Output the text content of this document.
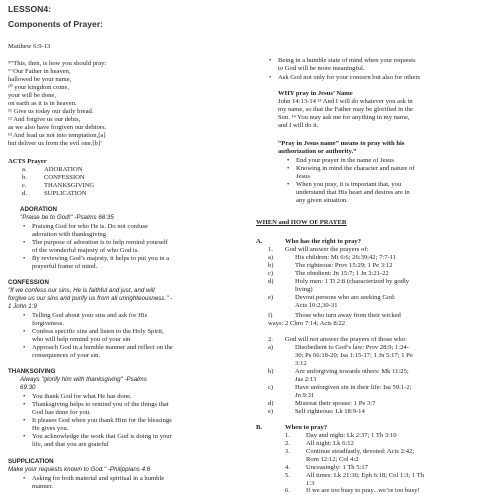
LESSON4:
Components of Prayer:
Matthew 6:9-13
⁹“This, then, is how you should pray:
“‘Our Father in heaven,
hallowed be your name,
¹⁰ your kingdom come,
your will be done,
on earth as it is in heaven.
¹¹ Give us today our daily bread.
¹² And forgive us our debts,
as we also have forgiven our debtors.
¹³ And lead us not into temptation,[a]
but deliver us from the evil one.[b]’
ACTS Prayer
a.	ADORATION
b.	CONFESSION
c.	THANKSGIVING
d.	SUPLICATION
ADORATION
"Praise be to God!" -Psalms 68:35
• Praising God for who He is. Do not confuse
adoration with thanksgiving
• The purpose of adoration is to help remind yourself
of the wonderful majesty of who God is.
• By reviewing God’s majesty, it helps to put you in a
prayerful frame of mind.
CONFESSION
"If we confess our sins, He is faithful and just, and will
forgive us our sins and purify us from all unrighteousness." -
1 John 1:9
• Telling God about your sins and ask for His
forgiveness.
• Confess specific sins and listen to the Holy Spirit,
who will help remind you of your sin
• Approach God in a humble manner and reflect on the
consequences of your sin.
THANKSGIVING
Always "glorify him with thanksgiving" -Psalms
69:30
• You thank God for what He has done.
• Thanksgiving helps to remind you of the things that
God has done for you.
• It pleases God when you thank Him for the blessings
He gives you.
• You acknowledge the work that God is doing in your
life, and that you are grateful
SUPPLICATION
Make your requests known to God." -Philippians 4:6
• Asking for both material and spiritual in a humble
manner.
• Being in a humble state of mind when your requests
to God will be more meaningful.
• Ask God not only for your concern but also for others
WHY pray in Jesus’ Name
John 14:13-14 ¹³ And I will do whatever you ask in
my name, so that the Father may be glorified in the
Son. ¹⁴ You may ask me for anything in my name,
and I will do it.
“Pray in Jesus name” means to pray with his
authorization or authority.”
• End your prayer in the name of Jesus
• Knowing in mind the character and nature of
Jesus
• When you pray, it is important that, you
understand that His heart and desires are in
any given situation.
WHEN and HOW OF PRAYER
A.	Who has the right to pray?
1. God will answer the prayers of:
a)	His children: Mt 6:6; 26:39;42; 7:7-11
b)	The righteous: Prov 15:29; 1 Pe 3:12
c)	The obedient: Jn 15:7; 1 Jn 3:21-22
d)	Holy men: 1 Ti 2:8 (characterized by godly
living)
e)	Devout persons who are seeking God:
Acts 10:2,30-31
f)	Those who turn away from their wicked
ways: 2 Chro 7:14; Acts 8:22
2. God will not answer the prayers of those who:
a)	Disobedient to God’s law: Prov 28:9; 1:24-
30; Ps 66:18-20; Isa 1:15-17; 1 Jn 5:17; 1 Pe
3:12
b)	Are unforgiving towards others: Mk 11:25;
Jas 2:13
c)	Have unforgiven sin in their life: Isa 59:1-2;
Jn 9:31
d)	Mistreat their spouse: 1 Pe 3:7
e)	Self righteous: Lk 18:9-14
B.	When to pray?
1. Day and night: Lk 2:37; 1 Th 3:10
2. All night: Lk 6:12
3. Continue steadfastly, devoted: Acts 2:42;
Rom 12:12; Col 4:2
4. Unceasingly: 1 Th 5:17
5. All times: Lk 21:36; Eph 6:18; Col 1:3; 1 Th
1:3
6. If we are too busy to pray...we’re too busy!
